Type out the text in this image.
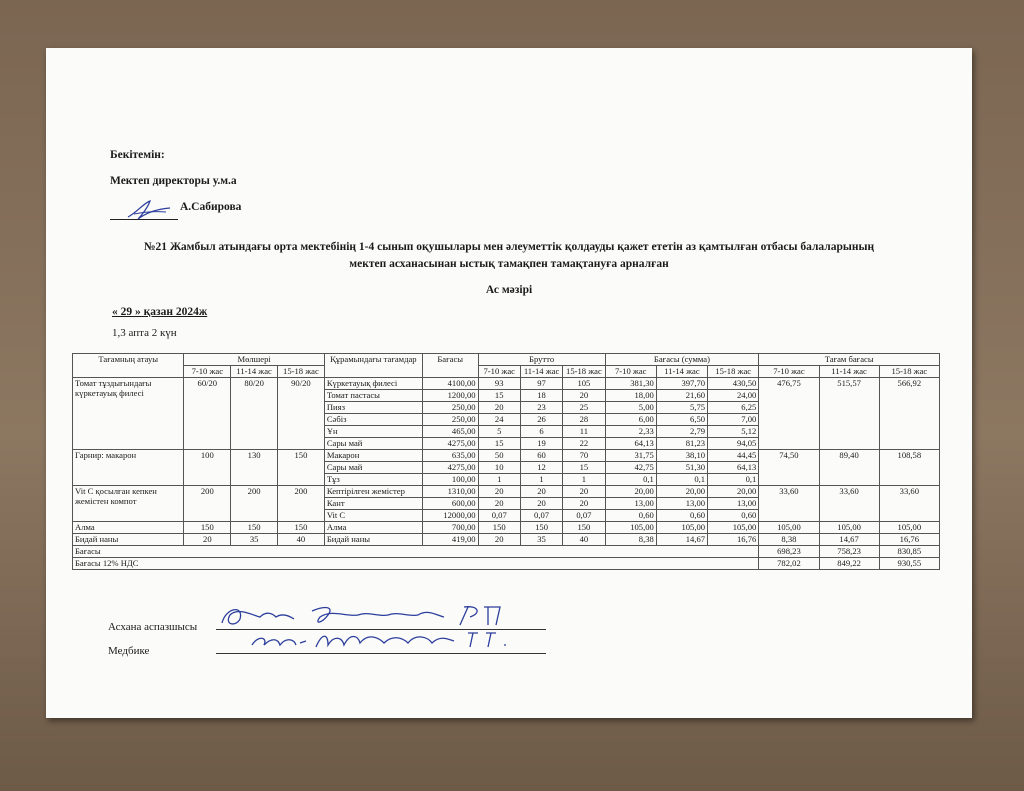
Бекітемін:
Мектеп директоры у.м.а
А.Сабирова
№21 Жамбыл атындағы орта мектебінің 1-4 сынып оқушылары мен әлеуметтік қолдауды қажет ететін аз қамтылған отбасы балаларының
мектеп асханасынан ыстық тамақпен тамақтануға арналған
Ас мәзірі
« 29 » қазан 2024ж
1,3 апта 2 күн
Тағамның атауы	Мөлшері			Құрамындағы тағамдар	Бағасы	Брутто			Бағасы (сумма)			Тағам бағасы		
	7-10 жас	11-14 жас	15-18 жас			7-10 жас	11-14 жас	15-18 жас	7-10 жас	11-14 жас	15-18 жас	7-10 жас	11-14 жас	15-18 жас
Томат тұздығындағы күркетауық филесі	60/20	80/20	90/20	Күркетауық филесі	4100,00	93	97	105	381,30	397,70	430,50	476,75	515,57	566,92
				Томат пастасы	1200,00	15	18	20	18,00	21,60	24,00			
				Пияз	250,00	20	23	25	5,00	5,75	6,25			
				Сәбіз	250,00	24	26	28	6,00	6,50	7,00			
				Ұн	465,00	5	6	11	2,33	2,79	5,12			
				Сары май	4275,00	15	19	22	64,13	81,23	94,05			
Гарнир: макарон	100	130	150	Макарон	635,00	50	60	70	31,75	38,10	44,45	74,50	89,40	108,58
				Сары май	4275,00	10	12	15	42,75	51,30	64,13			
				Тұз	100,00	1	1	1	0,1	0,1	0,1			
Vit C қосылған кепкен жемістен компот	200	200	200	Кептірілген жемістер	1310,00	20	20	20	20,00	20,00	20,00	33,60	33,60	33,60
				Кант	600,00	20	20	20	13,00	13,00	13,00			
				Vit C	12000,00	0,07	0,07	0,07	0,60	0,60	0,60			
Алма	150	150	150	Алма	700,00	150	150	150	105,00	105,00	105,00	105,00	105,00	105,00
Бидай наны	20	35	40	Бидай наны	419,00	20	35	40	8,38	14,67	16,76	8,38	14,67	16,76
Бағасы												698,23	758,23	830,85
Бағасы 12% НДС												782,02	849,22	930,55
Асхана аспазшысы
Медбике
